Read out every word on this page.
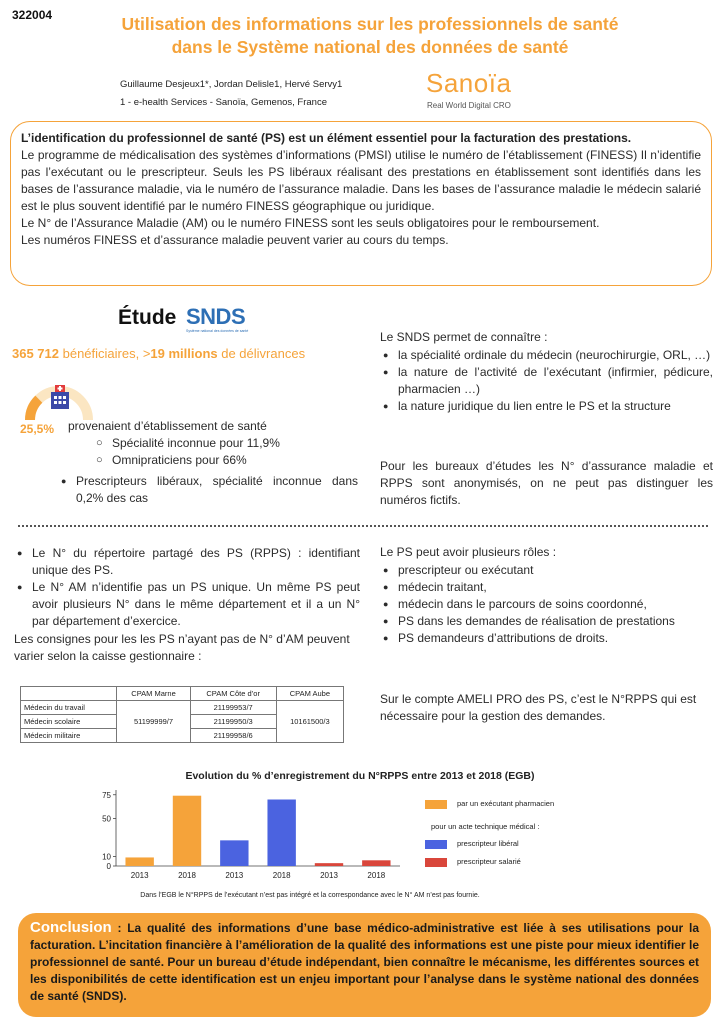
322004	Utilisation des informations sur les professionnels de santé
dans le Système national des données de santé
Guillaume Desjeux1*, Jordan Delisle1, Hervé Servy1
1 - e-health Services - Sanoïa, Gemenos, France
Sanoïa
Real World Digital CRO

L’identification du professionnel de santé (PS) est un élément essentiel pour la facturation des prestations.

Le programme de médicalisation des systèmes d’informations (PMSI) utilise le numéro de l’établissement (FINESS) Il n’identifie pas l’exécutant ou le prescripteur. Seuls les PS libéraux réalisant des prestations en établissement sont identifiés dans les bases de l’assurance maladie, via le numéro de l’assurance maladie. Dans les bases de l’assurance maladie le médecin salarié est le plus souvent identifié par le numéro FINESS géographique ou juridique.

Le N° de l’Assurance Maladie (AM) ou le numéro FINESS sont les seuls obligatoires pour le remboursement.

Les numéros FINESS et d’assurance maladie peuvent varier au cours du temps.

Étude SNDS
Système national des données de santé
365 712 bénéficiaires, >19 millions de délivrances
25,5% provenaient d’établissement de santé
○ Spécialité inconnue pour 11,9%
○ Omnipraticiens pour 66%
● Prescripteurs libéraux, spécialité inconnue dans 0,2% des cas
Le SNDS permet de connaître :
● la spécialité ordinale du médecin (neurochirurgie, ORL, …)
● la nature de l’activité de l’exécutant (infirmier, pédicure, pharmacien …)
● la nature juridique du lien entre le PS et la structure
Pour les bureaux d’études les N° d’assurance maladie et RPPS sont anonymisés, on ne peut pas distinguer les numéros fictifs.
● Le N° du répertoire partagé des PS (RPPS) : identifiant unique des PS.
● Le N° AM n’identifie pas un PS unique. Un même PS peut avoir plusieurs N° dans le même département et il a un N° par département d’exercice.
Les consignes pour les les PS n’ayant pas de N° d’AM peuvent varier selon la caisse gestionnaire :
	CPAM Marne	CPAM Côte d’or	CPAM Aube
Médecin du travail	51199999/7	21199953/7	10161500/3
Médecin scolaire		21199950/3	
Médecin militaire		21199958/6	
Le PS peut avoir plusieurs rôles :
● prescripteur ou exécutant
● médecin traitant,
● médecin dans le parcours de soins coordonné,
● PS dans les demandes de réalisation de prestations
● PS demandeurs d’attributions de droits.
Sur le compte AMELI PRO des PS, c’est le N°RPPS qui est nécessaire pour la gestion des demandes.
Evolution du % d’enregistrement du N°RPPS entre 2013 et 2018 (EGB)
0
10
50
75
2013	2018	2013	2018	2013	2018
par un exécutant pharmacien
pour un acte technique médical :
prescripteur libéral
prescripteur salarié
Dans l’EGB le N°RPPS de l’exécutant n’est pas intégré et la correspondance avec le N° AM n’est pas fournie.
Conclusion : La qualité des informations d’une base médico-administrative est liée à ses utilisations pour la facturation. L’incitation financière à l’amélioration de la qualité des informations est une piste pour mieux identifier le professionnel de santé. Pour un bureau d’étude indépendant, bien connaître le mécanisme, les différentes sources et les disponibilités de cette identification est un enjeu important pour l’analyse dans le système national des données de santé (SNDS).
